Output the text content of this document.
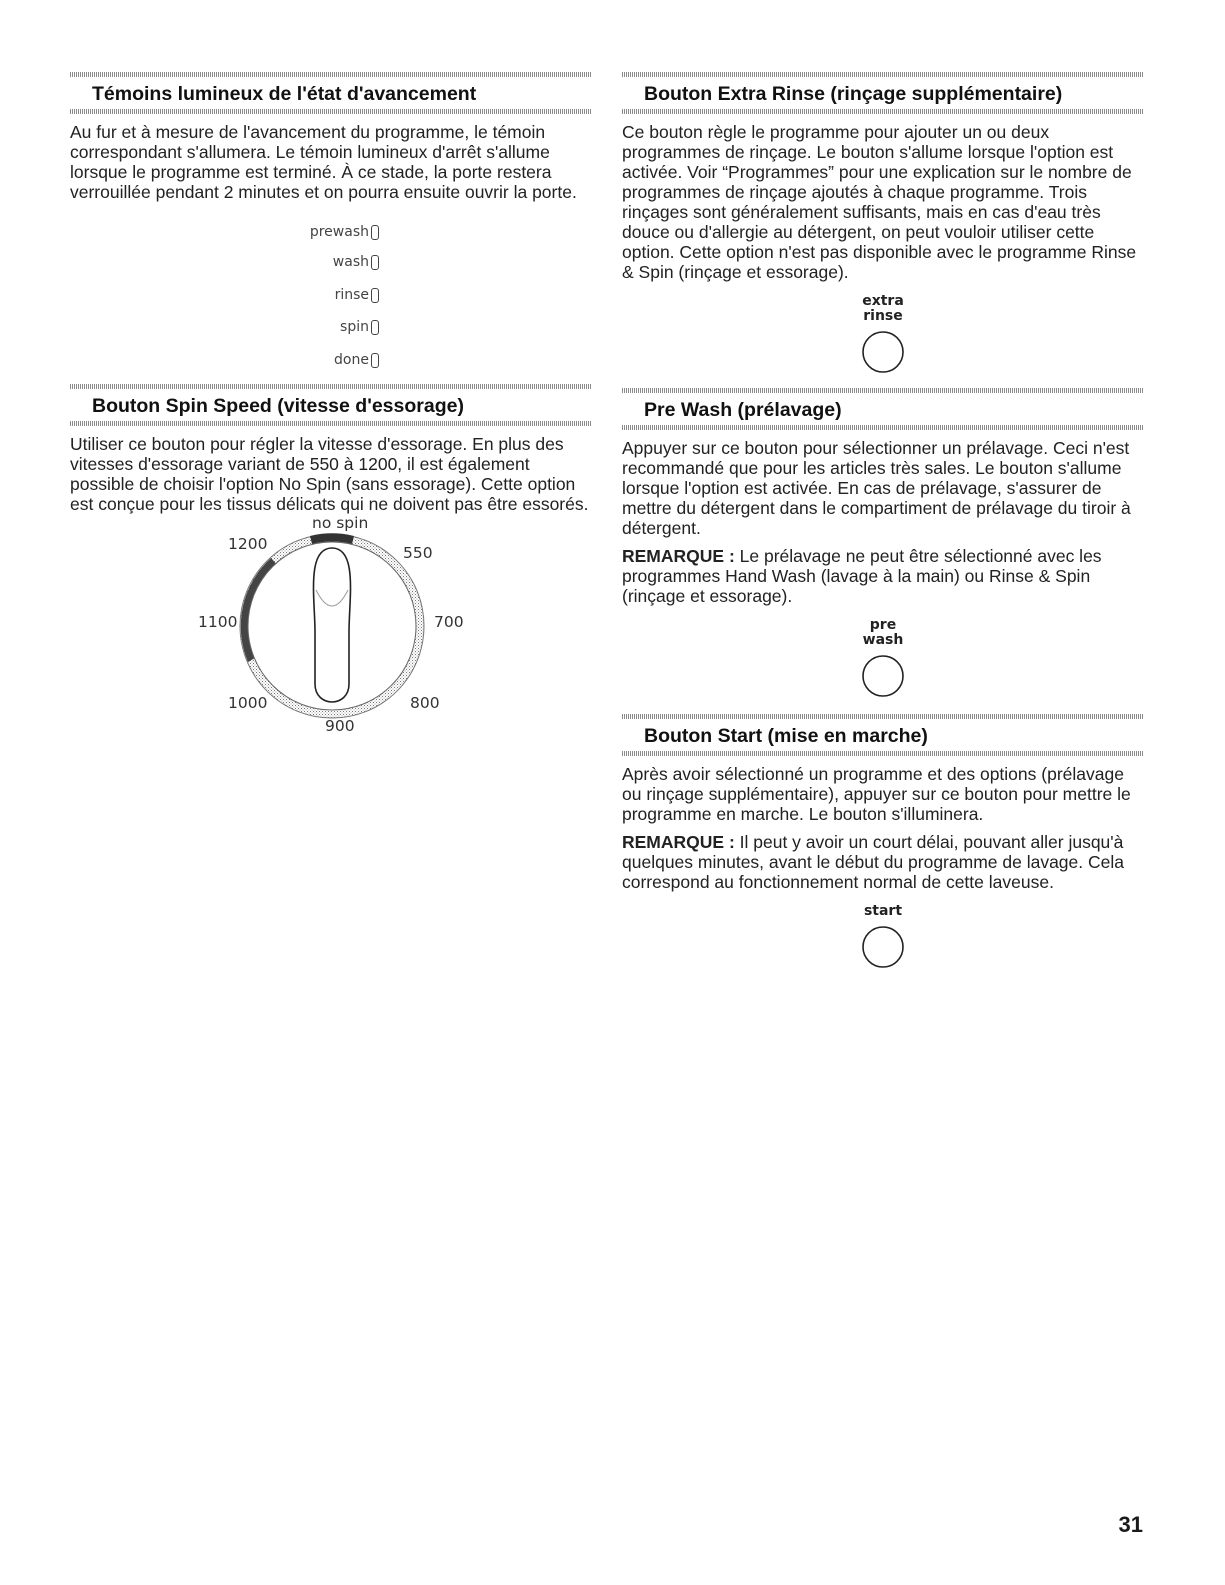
Témoins lumineux de l'état d'avancement

Au fur et à mesure de l'avancement du programme, le témoin correspondant s'allumera. Le témoin lumineux d'arrêt s'allume lorsque le programme est terminé. À ce stade, la porte restera verrouillée pendant 2 minutes et on pourra ensuite ouvrir la porte.

prewash
wash
rinse
spin
done
Bouton Spin Speed (vitesse d'essorage)

Utiliser ce bouton pour régler la vitesse d'essorage. En plus des vitesses d'essorage variant de 550 à 1200, il est également possible de choisir l'option No Spin (sans essorage). Cette option est conçue pour les tissus délicats qui ne doivent pas être essorés.

no spin
550
700
800
900
1000
1100
1200
Bouton Extra Rinse (rinçage supplémentaire)

Ce bouton règle le programme pour ajouter un ou deux programmes de rinçage. Le bouton s'allume lorsque l'option est activée. Voir “Programmes” pour une explication sur le nombre de programmes de rinçage ajoutés à chaque programme. Trois rinçages sont généralement suffisants, mais en cas d'eau très douce ou d'allergie au détergent, on peut vouloir utiliser cette option. Cette option n'est pas disponible avec le programme Rinse & Spin (rinçage et essorage).

extra
rinse
Pre Wash (prélavage)

Appuyer sur ce bouton pour sélectionner un prélavage. Ceci n'est recommandé que pour les articles très sales. Le bouton s'allume lorsque l'option est activée. En cas de prélavage, s'assurer de mettre du détergent dans le compartiment de prélavage du tiroir à détergent.

REMARQUE : Le prélavage ne peut être sélectionné avec les programmes Hand Wash (lavage à la main) ou Rinse & Spin (rinçage et essorage).

pre
wash
Bouton Start (mise en marche)

Après avoir sélectionné un programme et des options (prélavage ou rinçage supplémentaire), appuyer sur ce bouton pour mettre le programme en marche. Le bouton s'illuminera.

REMARQUE : Il peut y avoir un court délai, pouvant aller jusqu'à quelques minutes, avant le début du programme de lavage. Cela correspond au fonctionnement normal de cette laveuse.

start
31
